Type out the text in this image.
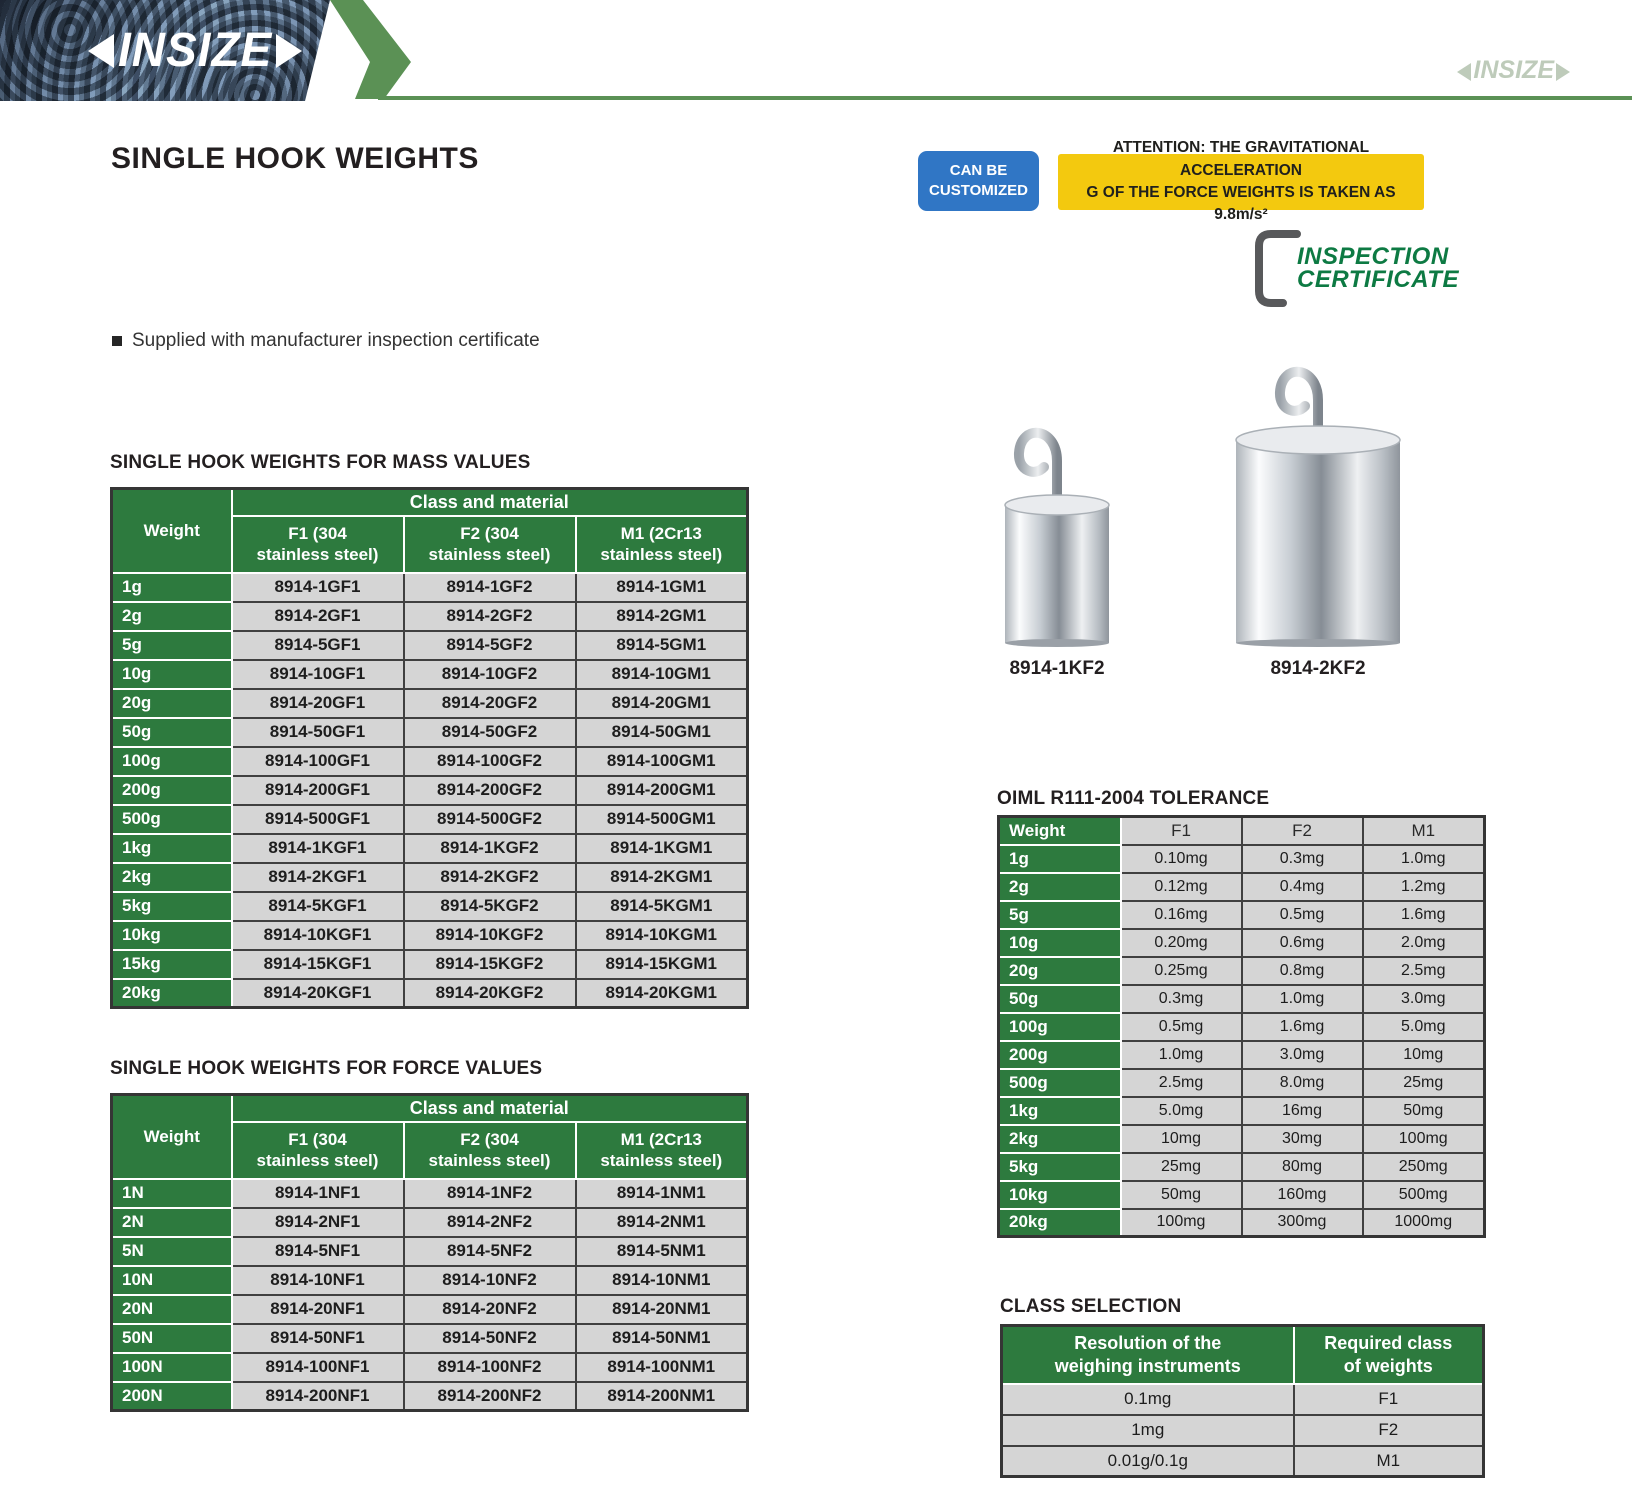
INSIZE	INSIZE
SINGLE HOOK WEIGHTS	CAN BE
CUSTOMIZED
ATTENTION: THE GRAVITATIONAL ACCELERATION
G OF THE FORCE WEIGHTS IS TAKEN AS 9.8m/s²
INSPECTION
CERTIFICATE
Supplied with manufacturer inspection certificate
8914-1KF2	8914-2KF2
SINGLE HOOK WEIGHTS FOR MASS VALUES
Weight	Class and material		

F1 (304
stainless steel)

F2 (304
stainless steel)

M1 (2Cr13
stainless steel)

1g	8914-1GF1	8914-1GF2	8914-1GM1
2g	8914-2GF1	8914-2GF2	8914-2GM1
5g	8914-5GF1	8914-5GF2	8914-5GM1
10g	8914-10GF1	8914-10GF2	8914-10GM1
20g	8914-20GF1	8914-20GF2	8914-20GM1
50g	8914-50GF1	8914-50GF2	8914-50GM1
100g	8914-100GF1	8914-100GF2	8914-100GM1
200g	8914-200GF1	8914-200GF2	8914-200GM1
500g	8914-500GF1	8914-500GF2	8914-500GM1
1kg	8914-1KGF1	8914-1KGF2	8914-1KGM1
2kg	8914-2KGF1	8914-2KGF2	8914-2KGM1
5kg	8914-5KGF1	8914-5KGF2	8914-5KGM1
10kg	8914-10KGF1	8914-10KGF2	8914-10KGM1
15kg	8914-15KGF1	8914-15KGF2	8914-15KGM1
20kg	8914-20KGF1	8914-20KGF2	8914-20KGM1
SINGLE HOOK WEIGHTS FOR FORCE VALUES
Weight	Class and material		

F1 (304
stainless steel)

F2 (304
stainless steel)

M1 (2Cr13
stainless steel)

1N	8914-1NF1	8914-1NF2	8914-1NM1
2N	8914-2NF1	8914-2NF2	8914-2NM1
5N	8914-5NF1	8914-5NF2	8914-5NM1
10N	8914-10NF1	8914-10NF2	8914-10NM1
20N	8914-20NF1	8914-20NF2	8914-20NM1
50N	8914-50NF1	8914-50NF2	8914-50NM1
100N	8914-100NF1	8914-100NF2	8914-100NM1
200N	8914-200NF1	8914-200NF2	8914-200NM1
OIML R111-2004 TOLERANCE
Weight	F1	F2	M1
1g	0.10mg	0.3mg	1.0mg
2g	0.12mg	0.4mg	1.2mg
5g	0.16mg	0.5mg	1.6mg
10g	0.20mg	0.6mg	2.0mg
20g	0.25mg	0.8mg	2.5mg
50g	0.3mg	1.0mg	3.0mg
100g	0.5mg	1.6mg	5.0mg
200g	1.0mg	3.0mg	10mg
500g	2.5mg	8.0mg	25mg
1kg	5.0mg	16mg	50mg
2kg	10mg	30mg	100mg
5kg	25mg	80mg	250mg
10kg	50mg	160mg	500mg
20kg	100mg	300mg	1000mg
CLASS SELECTION
Resolution of the
weighing instruments

Required class
of weights

0.1mg	F1
1mg	F2
0.01g/0.1g	M1
